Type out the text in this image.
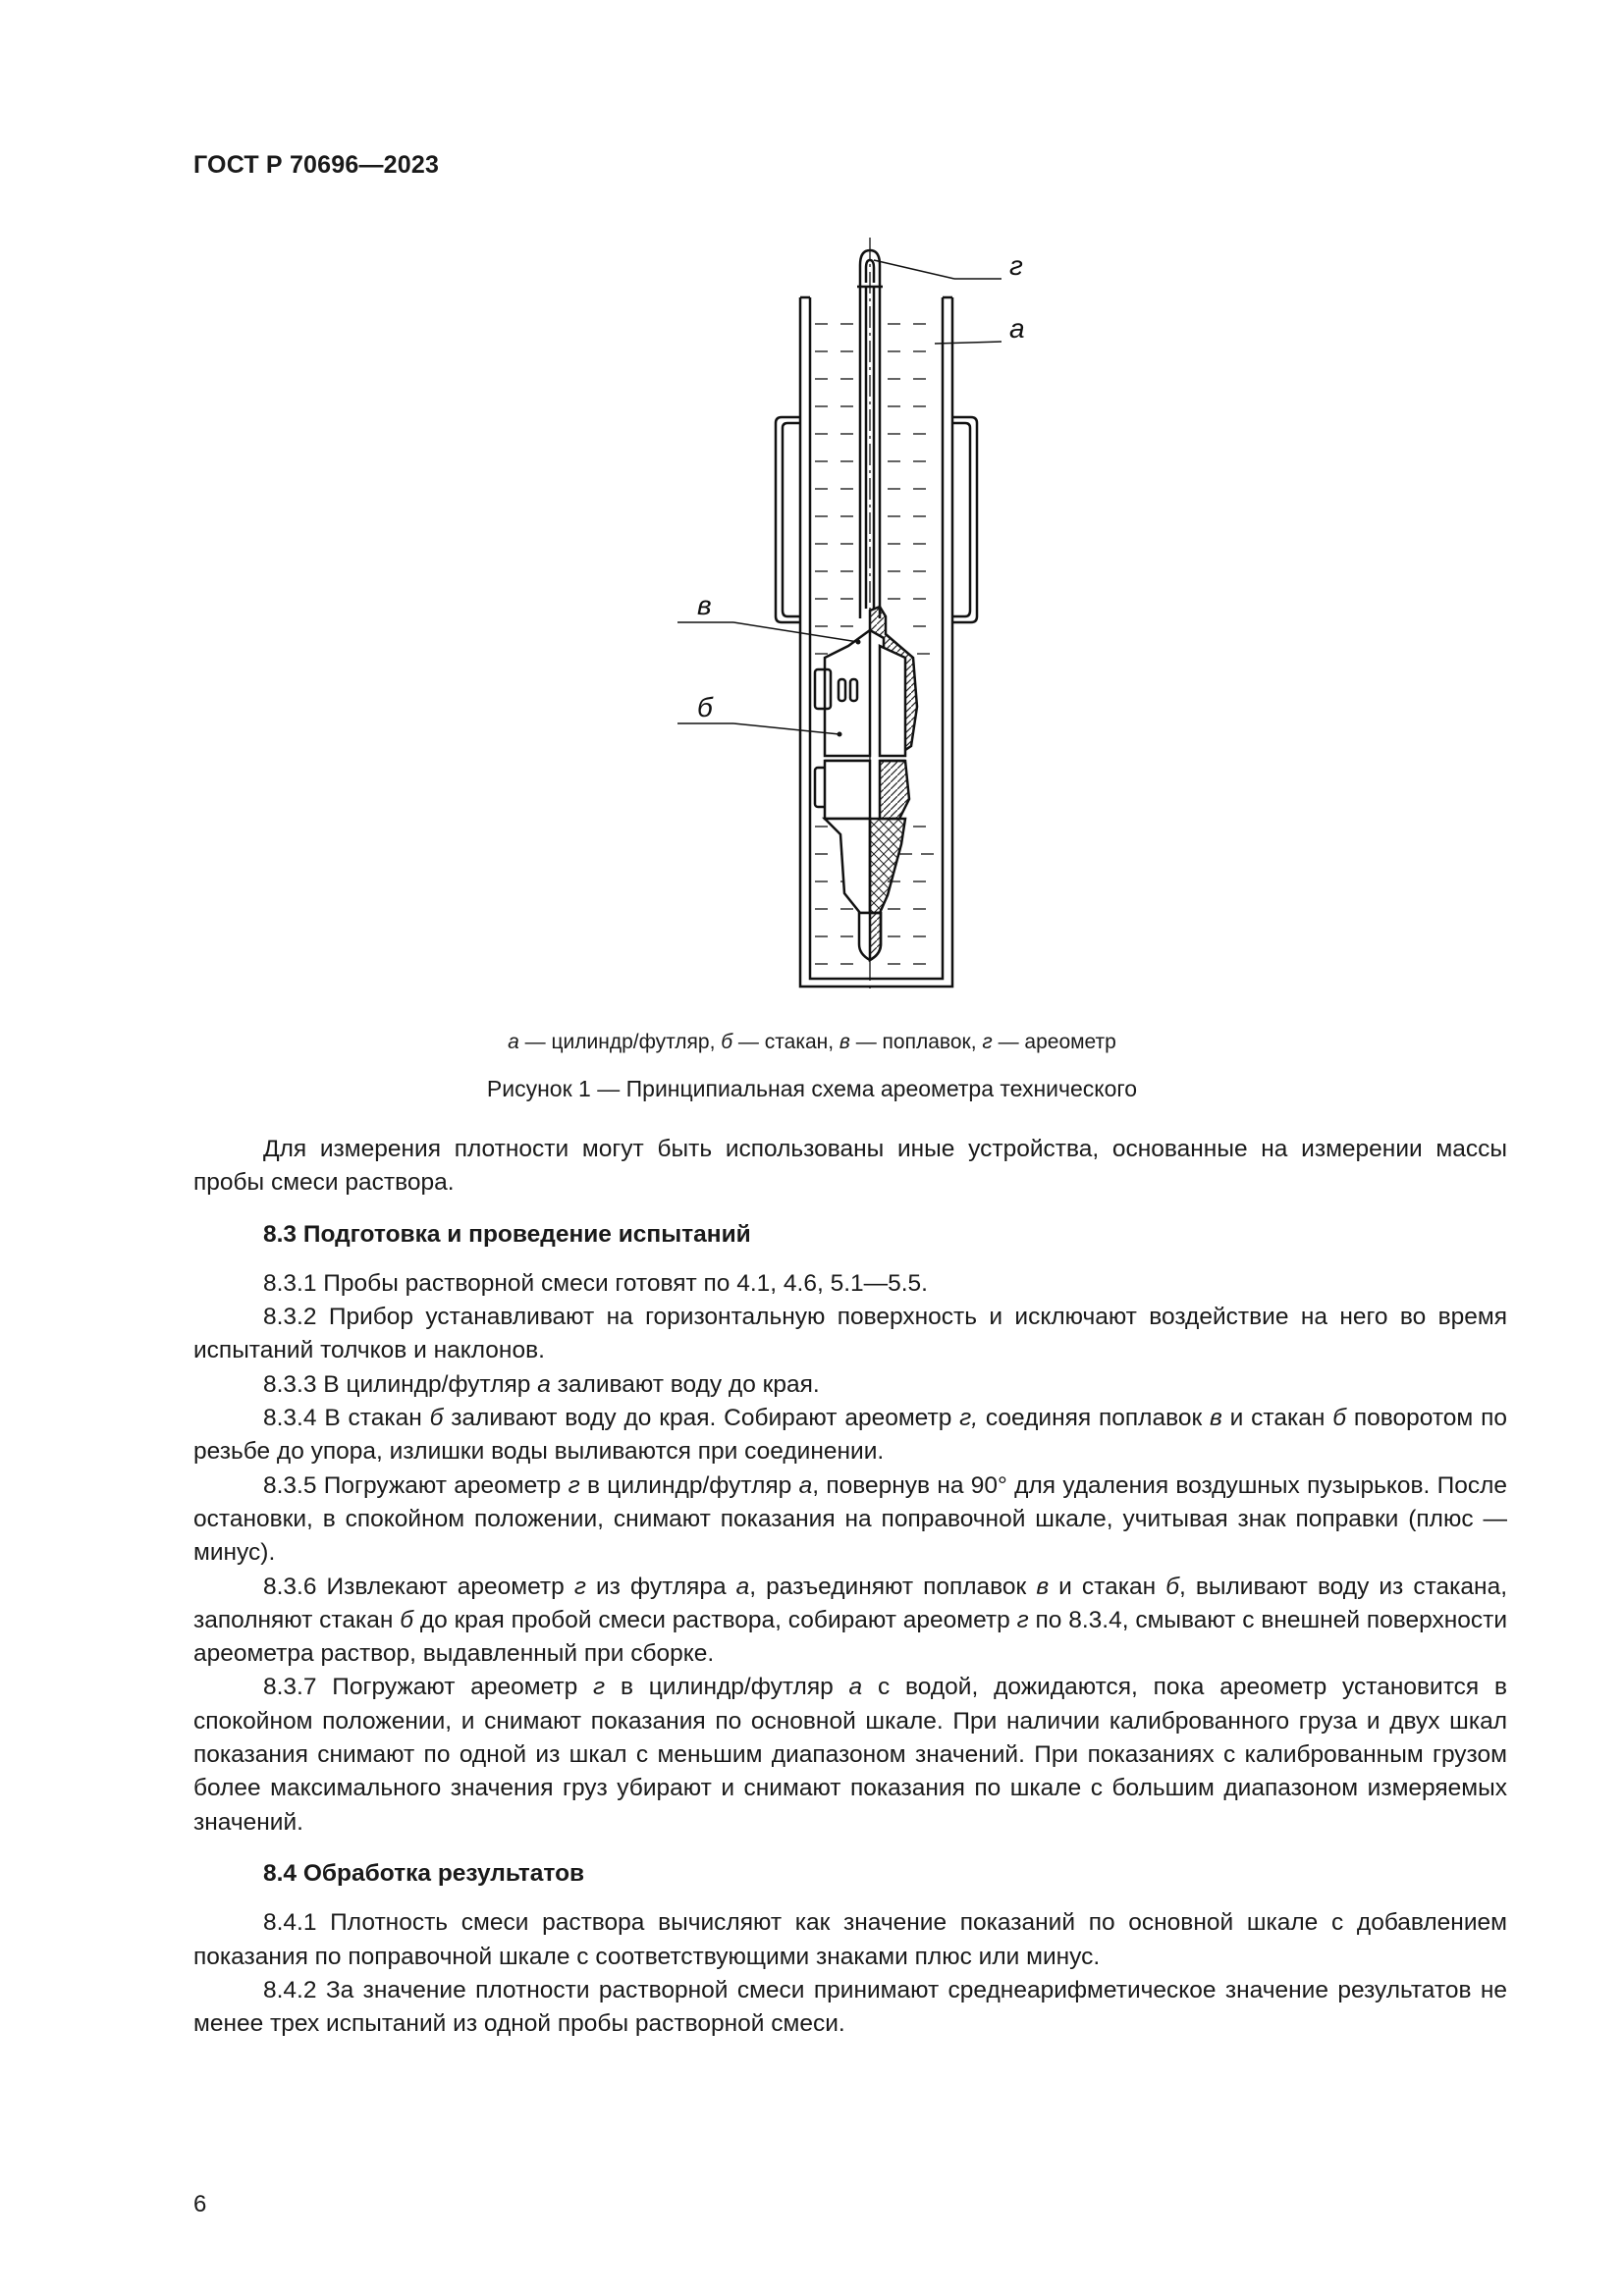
ГОСТ Р 70696—2023
г
а
в
б
а — цилиндр/футляр, б — стакан, в — поплавок, г — ареометр
Рисунок 1 — Принципиальная схема ареометра технического

Для измерения плотности могут быть использованы иные устройства, основанные на измерении массы пробы смеси раствора.

8.3 Подготовка и проведение испытаний

8.3.1 Пробы растворной смеси готовят по 4.1, 4.6, 5.1—5.5.

8.3.2 Прибор устанавливают на горизонтальную поверхность и исключают воздействие на него во время испытаний толчков и наклонов.

8.3.3 В цилиндр/футляр а заливают воду до края.

8.3.4 В стакан б заливают воду до края. Собирают ареометр г, соединяя поплавок в и стакан б поворотом по резьбе до упора, излишки воды выливаются при соединении.

8.3.5 Погружают ареометр г в цилиндр/футляр а, повернув на 90° для удаления воздушных пузырьков. После остановки, в спокойном положении, снимают показания на поправочной шкале, учитывая знак поправки (плюс — минус).

8.3.6 Извлекают ареометр г из футляра а, разъединяют поплавок в и стакан б, выливают воду из стакана, заполняют стакан б до края пробой смеси раствора, собирают ареометр г по 8.3.4, смывают с внешней поверхности ареометра раствор, выдавленный при сборке.

8.3.7 Погружают ареометр г в цилиндр/футляр а с водой, дожидаются, пока ареометр установится в спокойном положении, и снимают показания по основной шкале. При наличии калиброванного груза и двух шкал показания снимают по одной из шкал с меньшим диапазоном значений. При показаниях с калиброванным грузом более максимального значения груз убирают и снимают показания по шкале с большим диапазоном измеряемых значений.

8.4 Обработка результатов

8.4.1 Плотность смеси раствора вычисляют как значение показаний по основной шкале с добавлением показания по поправочной шкале с соответствующими знаками плюс или минус.

8.4.2 За значение плотности растворной смеси принимают среднеарифметическое значение результатов не менее трех испытаний из одной пробы растворной смеси.

6
